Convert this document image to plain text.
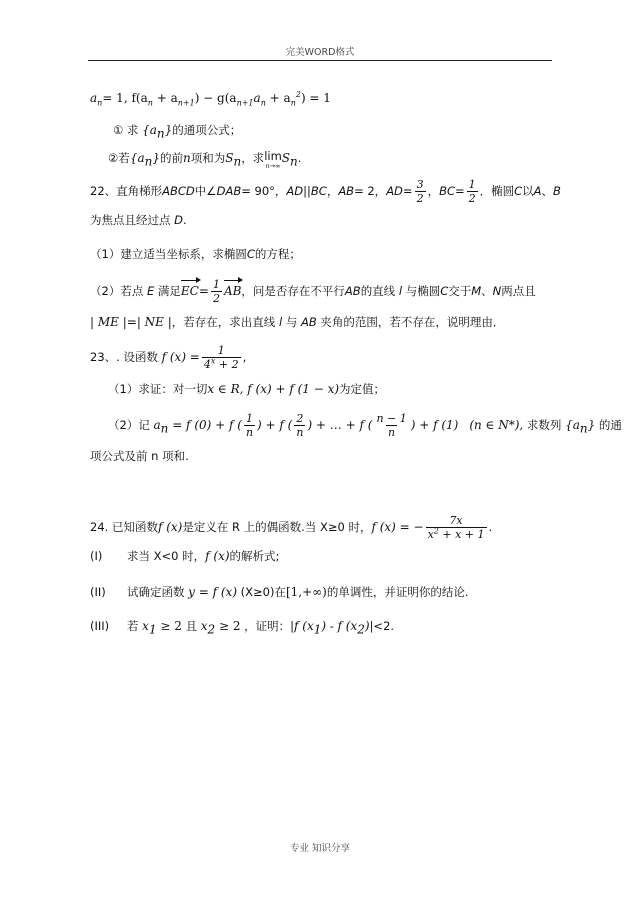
完美WORD格式
$a_n= 1$, $f(a_n + a_{n+1}) - g(a_{n+1}a_n + a_n^2) = 1$
① 求 $\{a_n\}$的通项公式；
②若$\{a_n\}$的前n项和为$S_n$，求 lim
n→∞
$S_n$.
22、直角梯形ABCD中∠DAB= 90°，AD||BC，AB= 2，$AD= \frac{3}{2}$ ，$BC= \frac{1}{2}$ ．椭圆C以A、B
为焦点且经过点 D.
（1）建立适当坐标系，求椭圆C的方程；
（2）若点 E 满足$EC= \frac{1}{2}$ AB，问是否存在不平行AB的直线 l 与椭圆C交于M、N两点且
| ME |=| NE |，若存在，求出直线 l 与 AB 夹角的范围，若不存在，说明理由．
23、. 设函数 f $(x) = \frac{1}{4^x + 2}$ ,
（1）求证：对一切x ∈ R, f (x) + f (1 − x)为定值；
（2）记 $a_n = f$ (0) + f ( $\frac{1}{n}$ ) + f ( $\frac{2}{n}$ ) + … + f ( $\frac{n - 1}{n}$ ) + f (1) (n ∈ N*), 求数列 $\{a_n\}$ 的通
项公式及前 n 项和.
24. 已知函数f (x)是定义在 R 上的偶函数.当 X≥0 时，f (x) = − $\frac{7x}{x^2 + x + 1}$ .
(I) 求当 X<0 时，f (x)的解析式;
(II) 试确定函数 y = f (x) (X≥0)在[1,+∞)的单调性，并证明你的结论.
(III) 若 $x_1 \ge 2$ 且 $x_2 \ge 2$ ，证明：|f $(x_1)$ - f $(x_2)|<2$.
专业 知识分享
